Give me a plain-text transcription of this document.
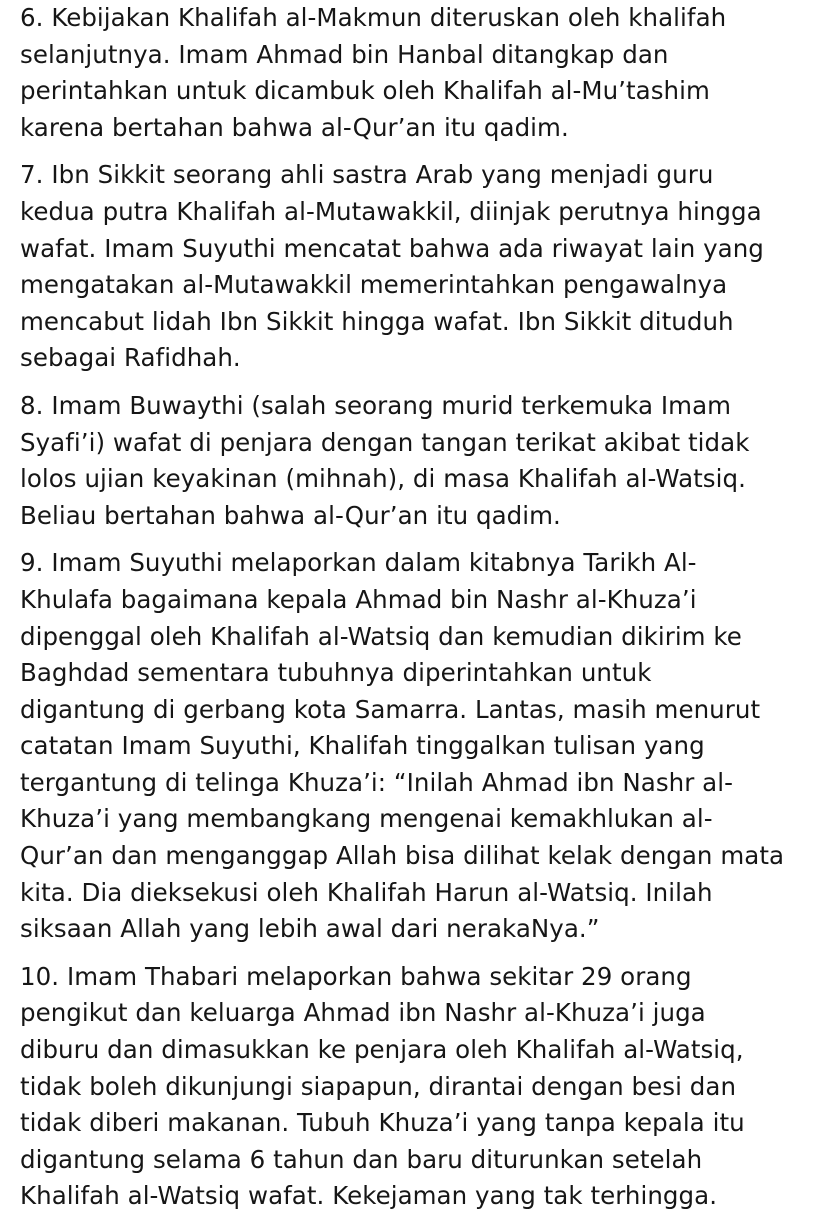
6. Kebijakan Khalifah al-Makmun diteruskan oleh khalifah
selanjutnya. Imam Ahmad bin Hanbal ditangkap dan
perintahkan untuk dicambuk oleh Khalifah al-Mu’tashim
karena bertahan bahwa al-Qur’an itu qadim.
7. Ibn Sikkit seorang ahli sastra Arab yang menjadi guru
kedua putra Khalifah al-Mutawakkil, diinjak perutnya hingga
wafat. Imam Suyuthi mencatat bahwa ada riwayat lain yang
mengatakan al-Mutawakkil memerintahkan pengawalnya
mencabut lidah Ibn Sikkit hingga wafat. Ibn Sikkit dituduh
sebagai Rafidhah.
8. Imam Buwaythi (salah seorang murid terkemuka Imam
Syafi’i) wafat di penjara dengan tangan terikat akibat tidak
lolos ujian keyakinan (mihnah), di masa Khalifah al-Watsiq.
Beliau bertahan bahwa al-Qur’an itu qadim.
9. Imam Suyuthi melaporkan dalam kitabnya Tarikh Al-
Khulafa bagaimana kepala Ahmad bin Nashr al-Khuza’i
dipenggal oleh Khalifah al-Watsiq dan kemudian dikirim ke
Baghdad sementara tubuhnya diperintahkan untuk
digantung di gerbang kota Samarra. Lantas, masih menurut
catatan Imam Suyuthi, Khalifah tinggalkan tulisan yang
tergantung di telinga Khuza’i: “Inilah Ahmad ibn Nashr al-
Khuza’i yang membangkang mengenai kemakhlukan al-
Qur’an dan menganggap Allah bisa dilihat kelak dengan mata
kita. Dia dieksekusi oleh Khalifah Harun al-Watsiq. Inilah
siksaan Allah yang lebih awal dari nerakaNya.”
10. Imam Thabari melaporkan bahwa sekitar 29 orang
pengikut dan keluarga Ahmad ibn Nashr al-Khuza’i juga
diburu dan dimasukkan ke penjara oleh Khalifah al-Watsiq,
tidak boleh dikunjungi siapapun, dirantai dengan besi dan
tidak diberi makanan. Tubuh Khuza’i yang tanpa kepala itu
digantung selama 6 tahun dan baru diturunkan setelah
Khalifah al-Watsiq wafat. Kekejaman yang tak terhingga.
